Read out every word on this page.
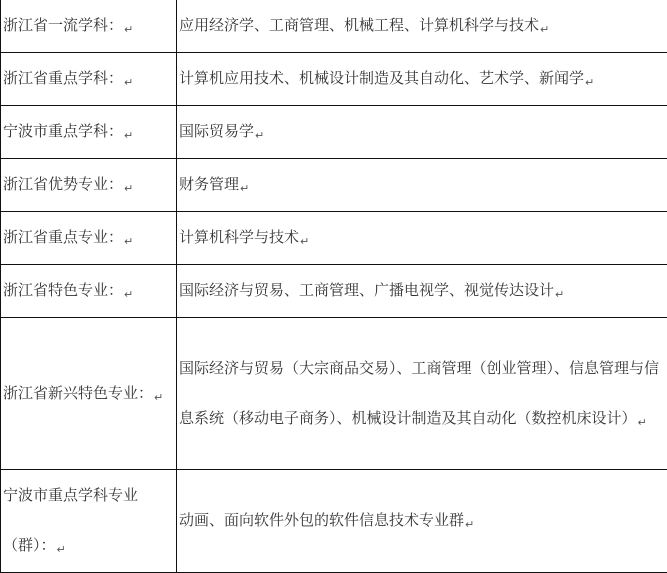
浙江省一流学科：↵	应用经济学、工商管理、机械工程、计算机科学与技术↵
浙江省重点学科：↵	计算机应用技术、机械设计制造及其自动化、艺术学、新闻学↵
宁波市重点学科：↵	国际贸易学↵
浙江省优势专业：↵	财务管理↵
浙江省重点专业：↵	计算机科学与技术↵
浙江省特色专业：↵	国际经济与贸易、工商管理、广播电视学、视觉传达设计↵
浙江省新兴特色专业：↵	国际经济与贸易（大宗商品交易）、工商管理（创业管理）、信息管理与信息系统（移动电子商务）、机械设计制造及其自动化（数控机床设计）↵
宁波市重点学科专业（群）：↵	动画、面向软件外包的软件信息技术专业群↵
